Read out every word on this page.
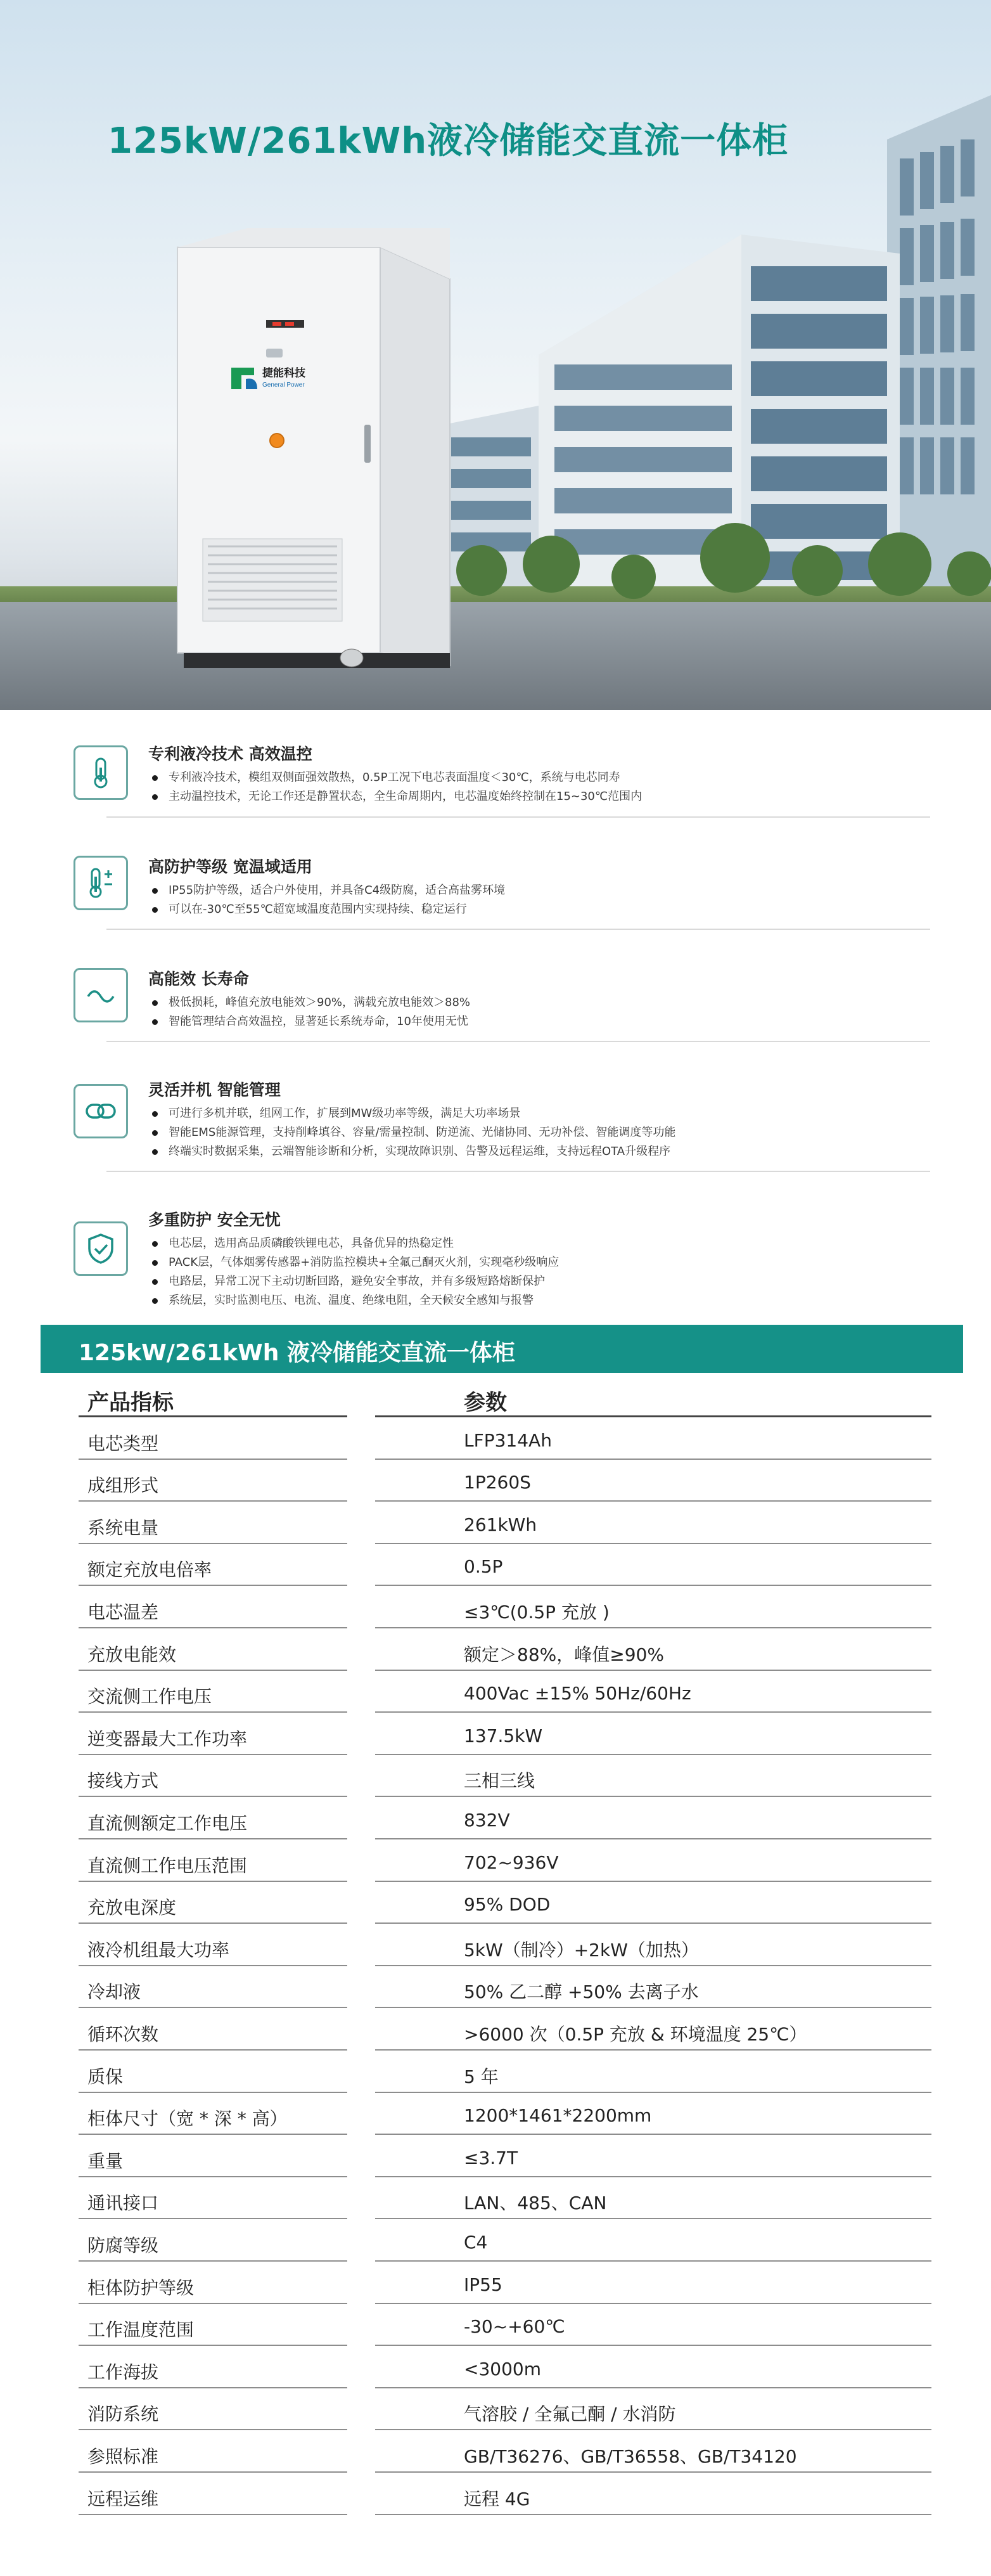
125kW/261kWh液冷储能交直流一体柜
捷能科技
General Power
专利液冷技术 高效温控
专利液冷技术，模组双侧面强效散热，0.5P工况下电芯表面温度＜30℃，系统与电芯同寿
主动温控技术，无论工作还是静置状态，全生命周期内，电芯温度始终控制在15~30℃范围内
高防护等级 宽温域适用
IP55防护等级，适合户外使用，并具备C4级防腐，适合高盐雾环境
可以在-30℃至55℃超宽域温度范围内实现持续、稳定运行
高能效 长寿命
极低损耗，峰值充放电能效＞90%，满载充放电能效＞88%
智能管理结合高效温控，显著延长系统寿命，10年使用无忧
灵活并机 智能管理
可进行多机并联，组网工作，扩展到MW级功率等级，满足大功率场景
智能EMS能源管理，支持削峰填谷、容量/需量控制、防逆流、光储协同、无功补偿、智能调度等功能
终端实时数据采集，云端智能诊断和分析，实现故障识别、告警及远程运维，支持远程OTA升级程序
多重防护 安全无忧
电芯层，选用高品质磷酸铁锂电芯，具备优异的热稳定性
PACK层，气体烟雾传感器+消防监控模块+全氟己酮灭火剂，实现毫秒级响应
电路层，异常工况下主动切断回路，避免安全事故，并有多级短路熔断保护
系统层，实时监测电压、电流、温度、绝缘电阻，全天候安全感知与报警
125kW/261kWh 液冷储能交直流一体柜
产品指标	参数
电芯类型	LFP314Ah
成组形式	1P260S
系统电量	261kWh
额定充放电倍率	0.5P
电芯温差	≤3℃(0.5P 充放 )
充放电能效	额定＞88%，峰值≥90%
交流侧工作电压	400Vac ±15% 50Hz/60Hz
逆变器最大工作功率	137.5kW
接线方式	三相三线
直流侧额定工作电压	832V
直流侧工作电压范围	702~936V
充放电深度	95% DOD
液冷机组最大功率	5kW（制冷）+2kW（加热）
冷却液	50% 乙二醇 +50% 去离子水
循环次数	>6000 次（0.5P 充放 & 环境温度 25℃）
质保	5 年
柜体尺寸（宽 * 深 * 高）	1200*1461*2200mm
重量	≤3.7T
通讯接口	LAN、485、CAN
防腐等级	C4
柜体防护等级	IP55
工作温度范围	-30~+60℃
工作海拔	<3000m
消防系统	气溶胶 / 全氟己酮 / 水消防
参照标准	GB/T36276、GB/T36558、GB/T34120
远程运维	远程 4G
